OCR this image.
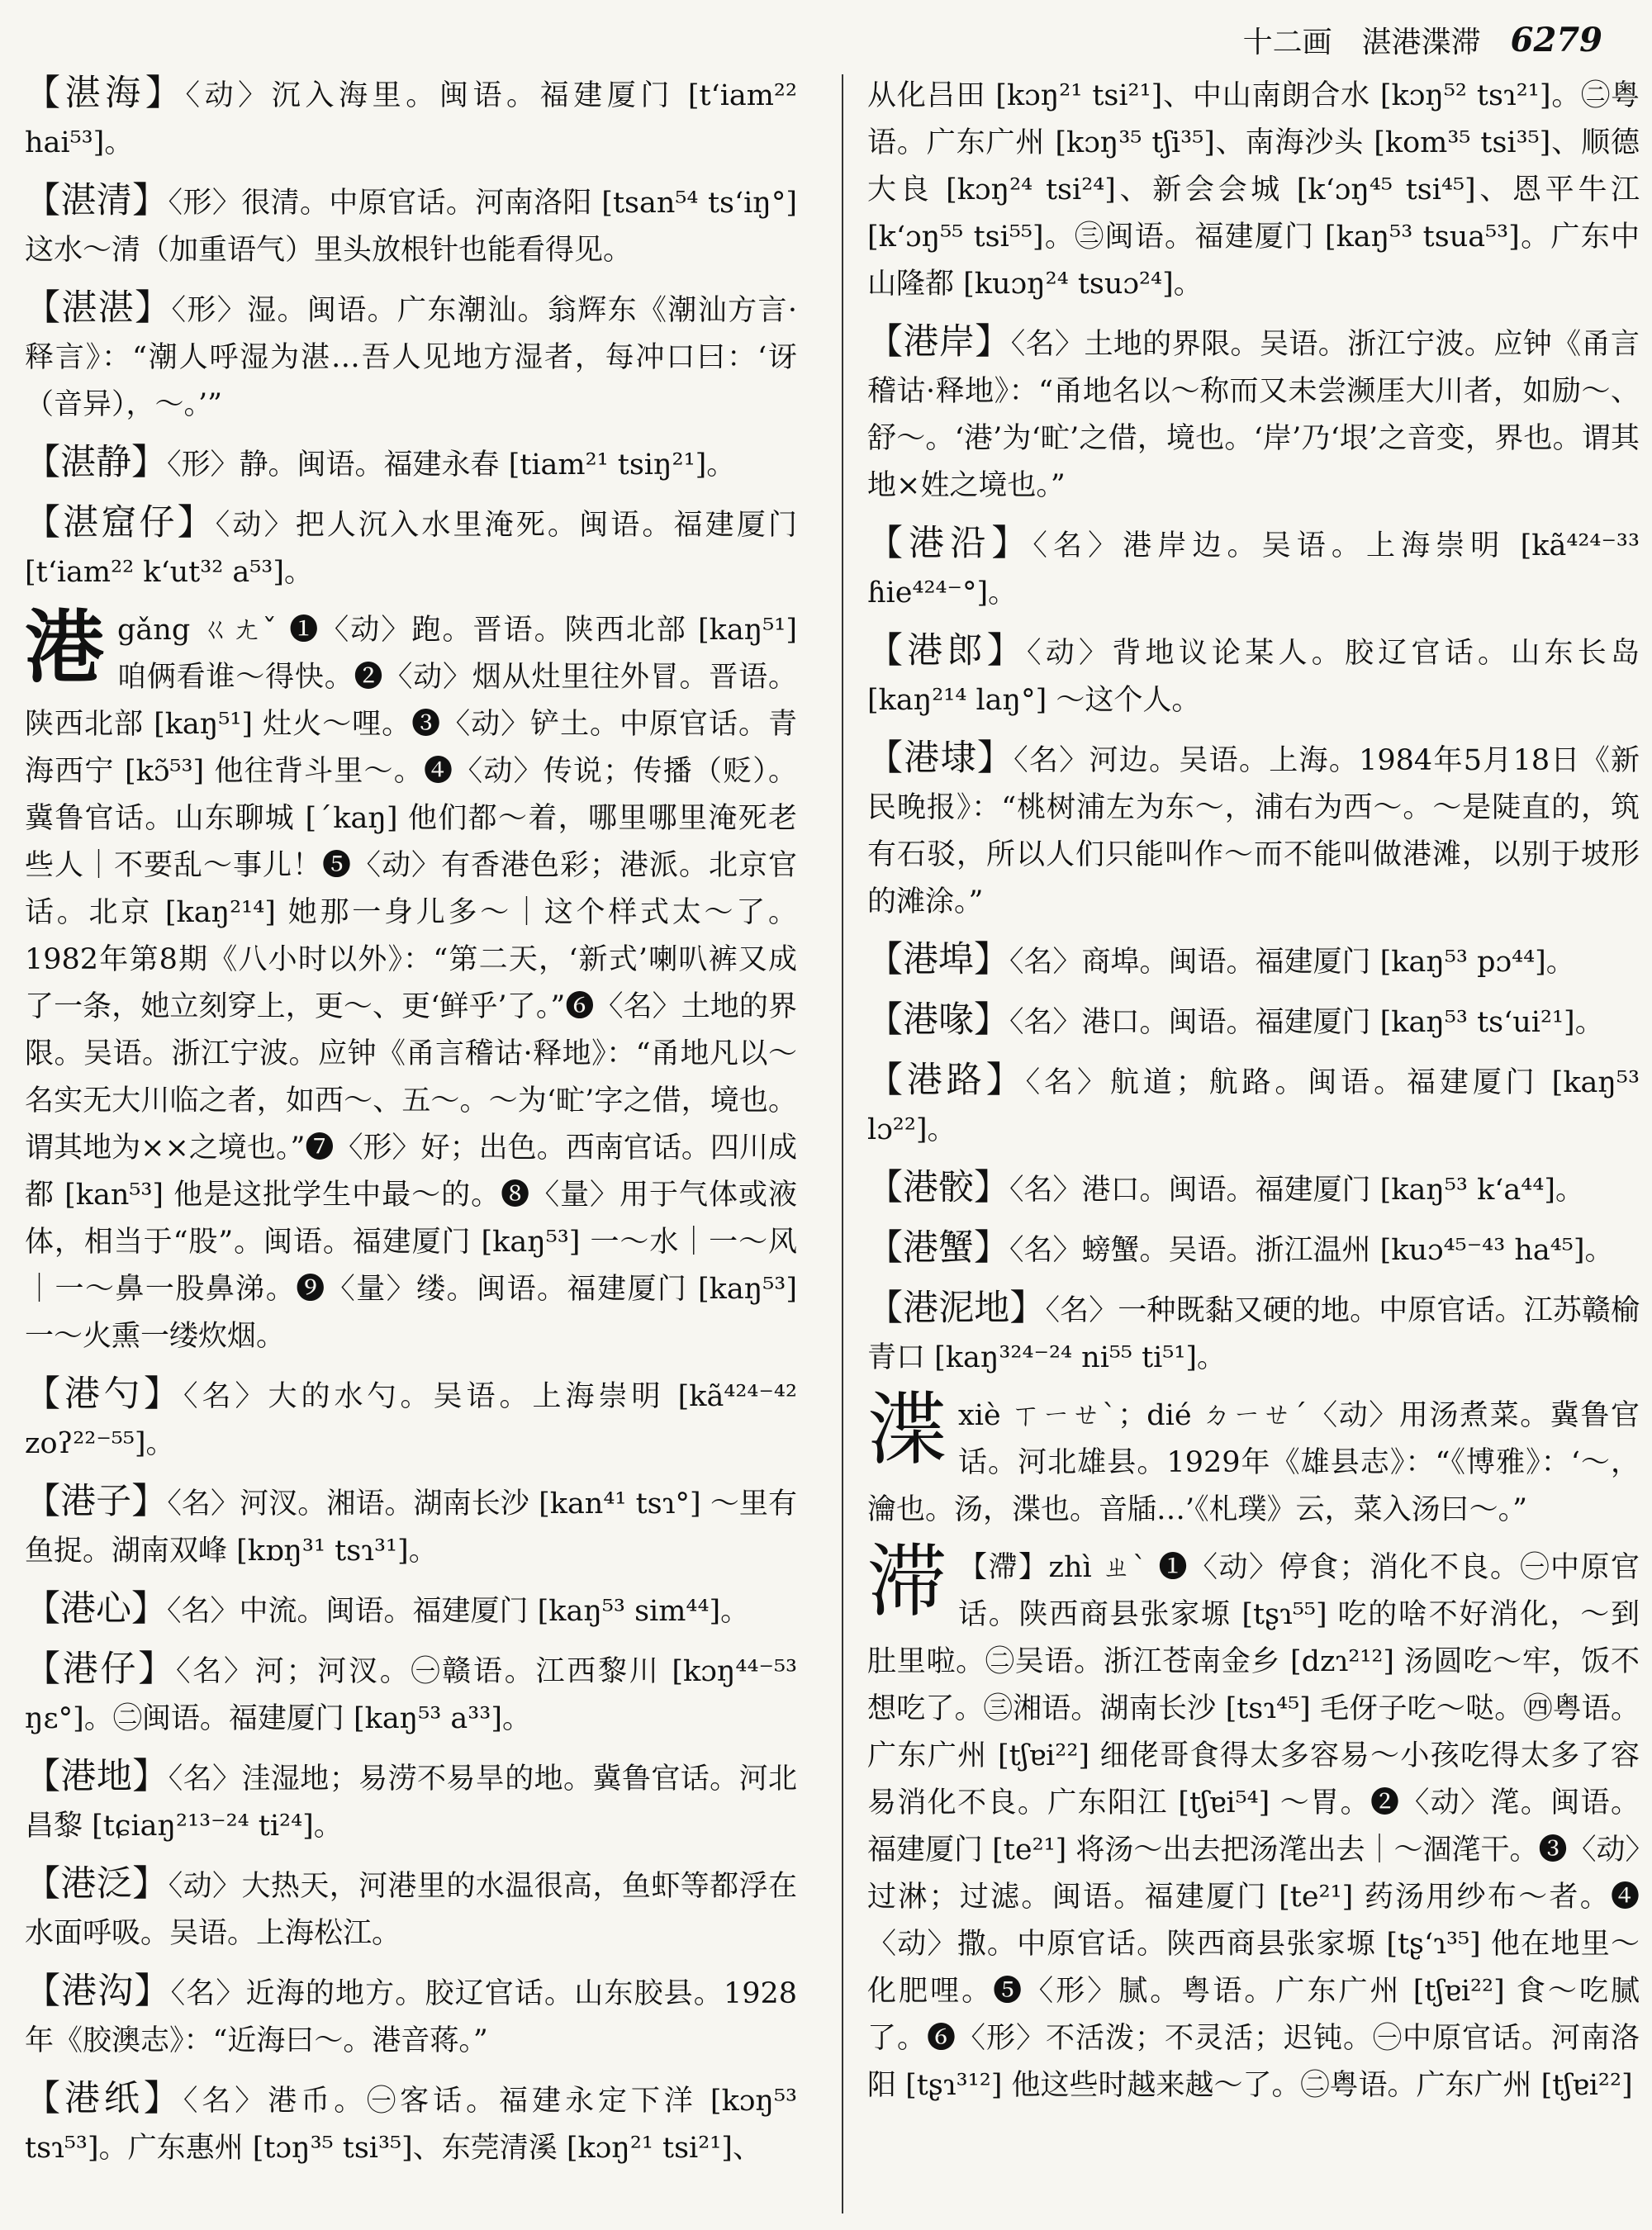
十二画 湛港渫滞 6279
【湛海】〈动〉沉入海里。闽语。福建厦门 [t‘iam²² hai⁵³]。
【湛清】〈形〉很清。中原官话。河南洛阳 [tsan⁵⁴ ts‘iŋ°] 这水～清（加重语气）里头放根针也能看得见。
【湛湛】〈形〉湿。闽语。广东潮汕。翁辉东《潮汕方言·释言》：“潮人呼湿为湛…吾人见地方湿者，每冲口曰：‘讶（音异），～。’”
【湛静】〈形〉静。闽语。福建永春 [tiam²¹ tsiŋ²¹]。
【湛窟仔】〈动〉把人沉入水里淹死。闽语。福建厦门 [t‘iam²² k‘ut³² a⁵³]。
港 gǎng ㄍㄤˇ ❶〈动〉跑。晋语。陕西北部 [kaŋ⁵¹] 咱俩看谁～得快。❷〈动〉烟从灶里往外冒。晋语。陕西北部 [kaŋ⁵¹] 灶火～哩。❸〈动〉铲土。中原官话。青海西宁 [kɔ̃⁵³] 他往背斗里～。❹〈动〉传说；传播（贬）。冀鲁官话。山东聊城 [ˊkaŋ] 他们都～着，哪里哪里淹死老些人｜不要乱～事儿！❺〈动〉有香港色彩；港派。北京官话。北京 [kaŋ²¹⁴] 她那一身儿多～｜这个样式太～了。1982年第8期《八小时以外》：“第二天，‘新式’喇叭裤又成了一条，她立刻穿上，更～、更‘鲜乎’了。”❻〈名〉土地的界限。吴语。浙江宁波。应钟《甬言稽诂·释地》：“甬地凡以～名实无大川临之者，如西～、五～。～为‘甿’字之借，境也。谓其地为××之境也。”❼〈形〉好；出色。西南官话。四川成都 [kan⁵³] 他是这批学生中最～的。❽〈量〉用于气体或液体，相当于“股”。闽语。福建厦门 [kaŋ⁵³] 一～水｜一～风｜一～鼻一股鼻涕。❾〈量〉缕。闽语。福建厦门 [kaŋ⁵³] 一～火熏一缕炊烟。
【港勺】〈名〉大的水勺。吴语。上海崇明 [kã⁴²⁴⁻⁴² zoʔ²²⁻⁵⁵]。
【港子】〈名〉河汊。湘语。湖南长沙 [kan⁴¹ tsɿ°] ～里有鱼捉。湖南双峰 [kɒŋ³¹ tsɿ³¹]。
【港心】〈名〉中流。闽语。福建厦门 [kaŋ⁵³ sim⁴⁴]。
【港仔】〈名〉河；河汊。㊀赣语。江西黎川 [kɔŋ⁴⁴⁻⁵³ ŋɛ°]。㊁闽语。福建厦门 [kaŋ⁵³ a³³]。
【港地】〈名〉洼湿地；易涝不易旱的地。冀鲁官话。河北昌黎 [tɕiaŋ²¹³⁻²⁴ ti²⁴]。
【港泛】〈动〉大热天，河港里的水温很高，鱼虾等都浮在水面呼吸。吴语。上海松江。
【港沟】〈名〉近海的地方。胶辽官话。山东胶县。1928年《胶澳志》：“近海曰～。港音蒋。”
【港纸】〈名〉港币。㊀客话。福建永定下洋 [kɔŋ⁵³ tsɿ⁵³]。广东惠州 [tɔŋ³⁵ tsi³⁵]、东莞清溪 [kɔŋ²¹ tsi²¹]、
从化吕田 [kɔŋ²¹ tsi²¹]、中山南朗合水 [kɔŋ⁵² tsɿ²¹]。㊁粤语。广东广州 [kɔŋ³⁵ tʃi³⁵]、南海沙头 [kom³⁵ tsi³⁵]、顺德大良 [kɔŋ²⁴ tsi²⁴]、新会会城 [k‘ɔŋ⁴⁵ tsi⁴⁵]、恩平牛江 [k‘ɔŋ⁵⁵ tsi⁵⁵]。㊂闽语。福建厦门 [kaŋ⁵³ tsua⁵³]。广东中山隆都 [kuɔŋ²⁴ tsuɔ²⁴]。
【港岸】〈名〉土地的界限。吴语。浙江宁波。应钟《甬言稽诂·释地》：“甬地名以～称而又未尝濒厓大川者，如励～、舒～。‘港’为‘甿’之借，境也。‘岸’乃‘垠’之音变，界也。谓其地×姓之境也。”
【港沿】〈名〉港岸边。吴语。上海崇明 [kã⁴²⁴⁻³³ ɦie⁴²⁴⁻°]。
【港郎】〈动〉背地议论某人。胶辽官话。山东长岛 [kaŋ²¹⁴ laŋ°] ～这个人。
【港埭】〈名〉河边。吴语。上海。1984年5月18日《新民晚报》：“桃树浦左为东～，浦右为西～。～是陡直的，筑有石驳，所以人们只能叫作～而不能叫做港滩，以别于坡形的滩涂。”
【港埠】〈名〉商埠。闽语。福建厦门 [kaŋ⁵³ pɔ⁴⁴]。
【港喙】〈名〉港口。闽语。福建厦门 [kaŋ⁵³ ts‘ui²¹]。
【港路】〈名〉航道；航路。闽语。福建厦门 [kaŋ⁵³ lɔ²²]。
【港骹】〈名〉港口。闽语。福建厦门 [kaŋ⁵³ k‘a⁴⁴]。
【港蟹】〈名〉螃蟹。吴语。浙江温州 [kuɔ⁴⁵⁻⁴³ ha⁴⁵]。
【港泥地】〈名〉一种既黏又硬的地。中原官话。江苏赣榆青口 [kaŋ³²⁴⁻²⁴ ni⁵⁵ ti⁵¹]。
渫 xiè ㄒㄧㄝˋ；dié ㄉㄧㄝˊ〈动〉用汤煮菜。冀鲁官话。河北雄县。1929年《雄县志》：“《博雅》：‘～，瀹也。汤，渫也。音牐…’《札璞》云，菜入汤曰～。”
滞 【滯】zhì ㄓˋ ❶〈动〉停食；消化不良。㊀中原官话。陕西商县张家塬 [tʂɿ⁵⁵] 吃的啥不好消化，～到肚里啦。㊁吴语。浙江苍南金乡 [dzɿ²¹²] 汤圆吃～牢，饭不想吃了。㊂湘语。湖南长沙 [tsɿ⁴⁵] 毛伢子吃～哒。㊃粤语。广东广州 [tʃɐi²²] 细佬哥食得太多容易～小孩吃得太多了容易消化不良。广东阳江 [tʃɐi⁵⁴] ～胃。❷〈动〉滗。闽语。福建厦门 [te²¹] 将汤～出去把汤滗出去｜～涸滗干。❸〈动〉过淋；过滤。闽语。福建厦门 [te²¹] 药汤用纱布～者。❹〈动〉撒。中原官话。陕西商县张家塬 [tʂ‘ɿ³⁵] 他在地里～化肥哩。❺〈形〉腻。粤语。广东广州 [tʃɐi²²] 食～吃腻了。❻〈形〉不活泼；不灵活；迟钝。㊀中原官话。河南洛阳 [tʂɿ³¹²] 他这些时越来越～了。㊁粤语。广东广州 [tʃɐi²²]
